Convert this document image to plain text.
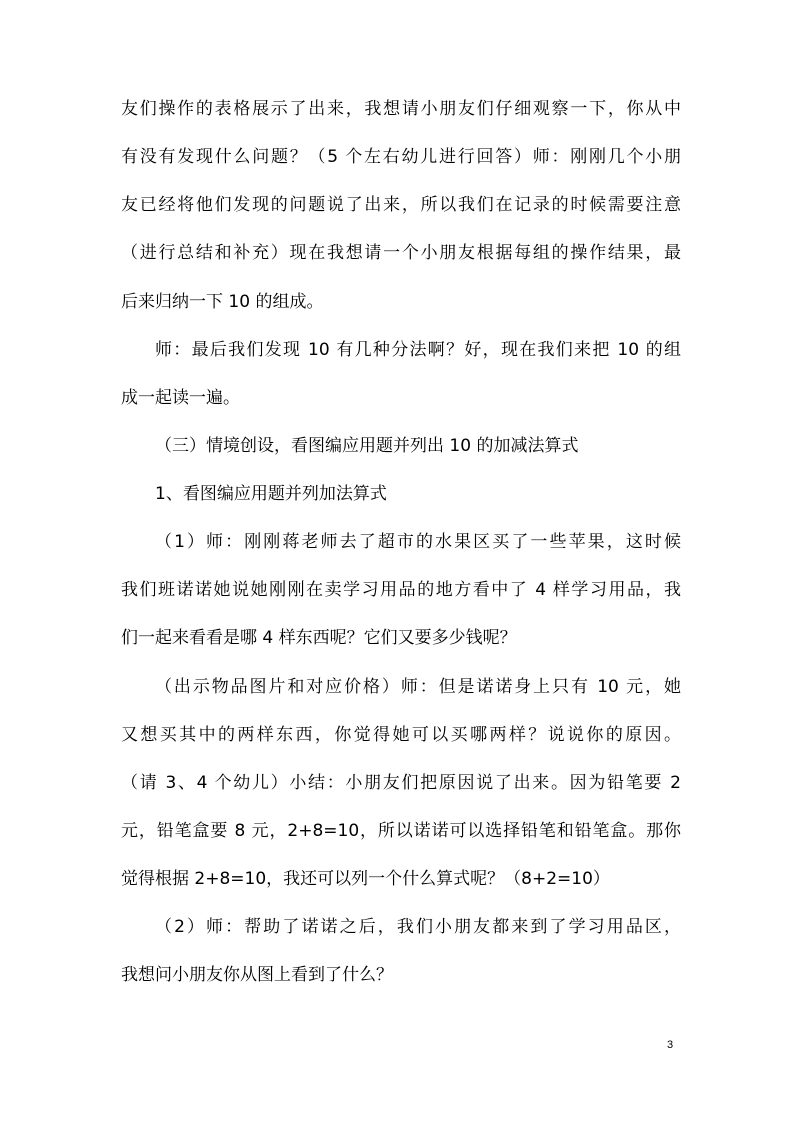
友们操作的表格展示了出来，我想请小朋友们仔细观察一下，你从中
有没有发现什么问题？（5 个左右幼儿进行回答）师：刚刚几个小朋
友已经将他们发现的问题说了出来，所以我们在记录的时候需要注意
（进行总结和补充）现在我想请一个小朋友根据每组的操作结果，最
后来归纳一下 10 的组成。
师：最后我们发现 10 有几种分法啊？好，现在我们来把 10 的组
成一起读一遍。
（三）情境创设，看图编应用题并列出 10 的加减法算式
1、看图编应用题并列加法算式
（1）师：刚刚蒋老师去了超市的水果区买了一些苹果，这时候
我们班诺诺她说她刚刚在卖学习用品的地方看中了 4 样学习用品，我
们一起来看看是哪 4 样东西呢？它们又要多少钱呢？
（出示物品图片和对应价格）师：但是诺诺身上只有 10 元，她
又想买其中的两样东西，你觉得她可以买哪两样？说说你的原因。
（请 3、4 个幼儿）小结：小朋友们把原因说了出来。因为铅笔要 2
元，铅笔盒要 8 元，2+8=10，所以诺诺可以选择铅笔和铅笔盒。那你
觉得根据 2+8=10，我还可以列一个什么算式呢？（8+2=10）
（2）师：帮助了诺诺之后，我们小朋友都来到了学习用品区，
我想问小朋友你从图上看到了什么？
3
